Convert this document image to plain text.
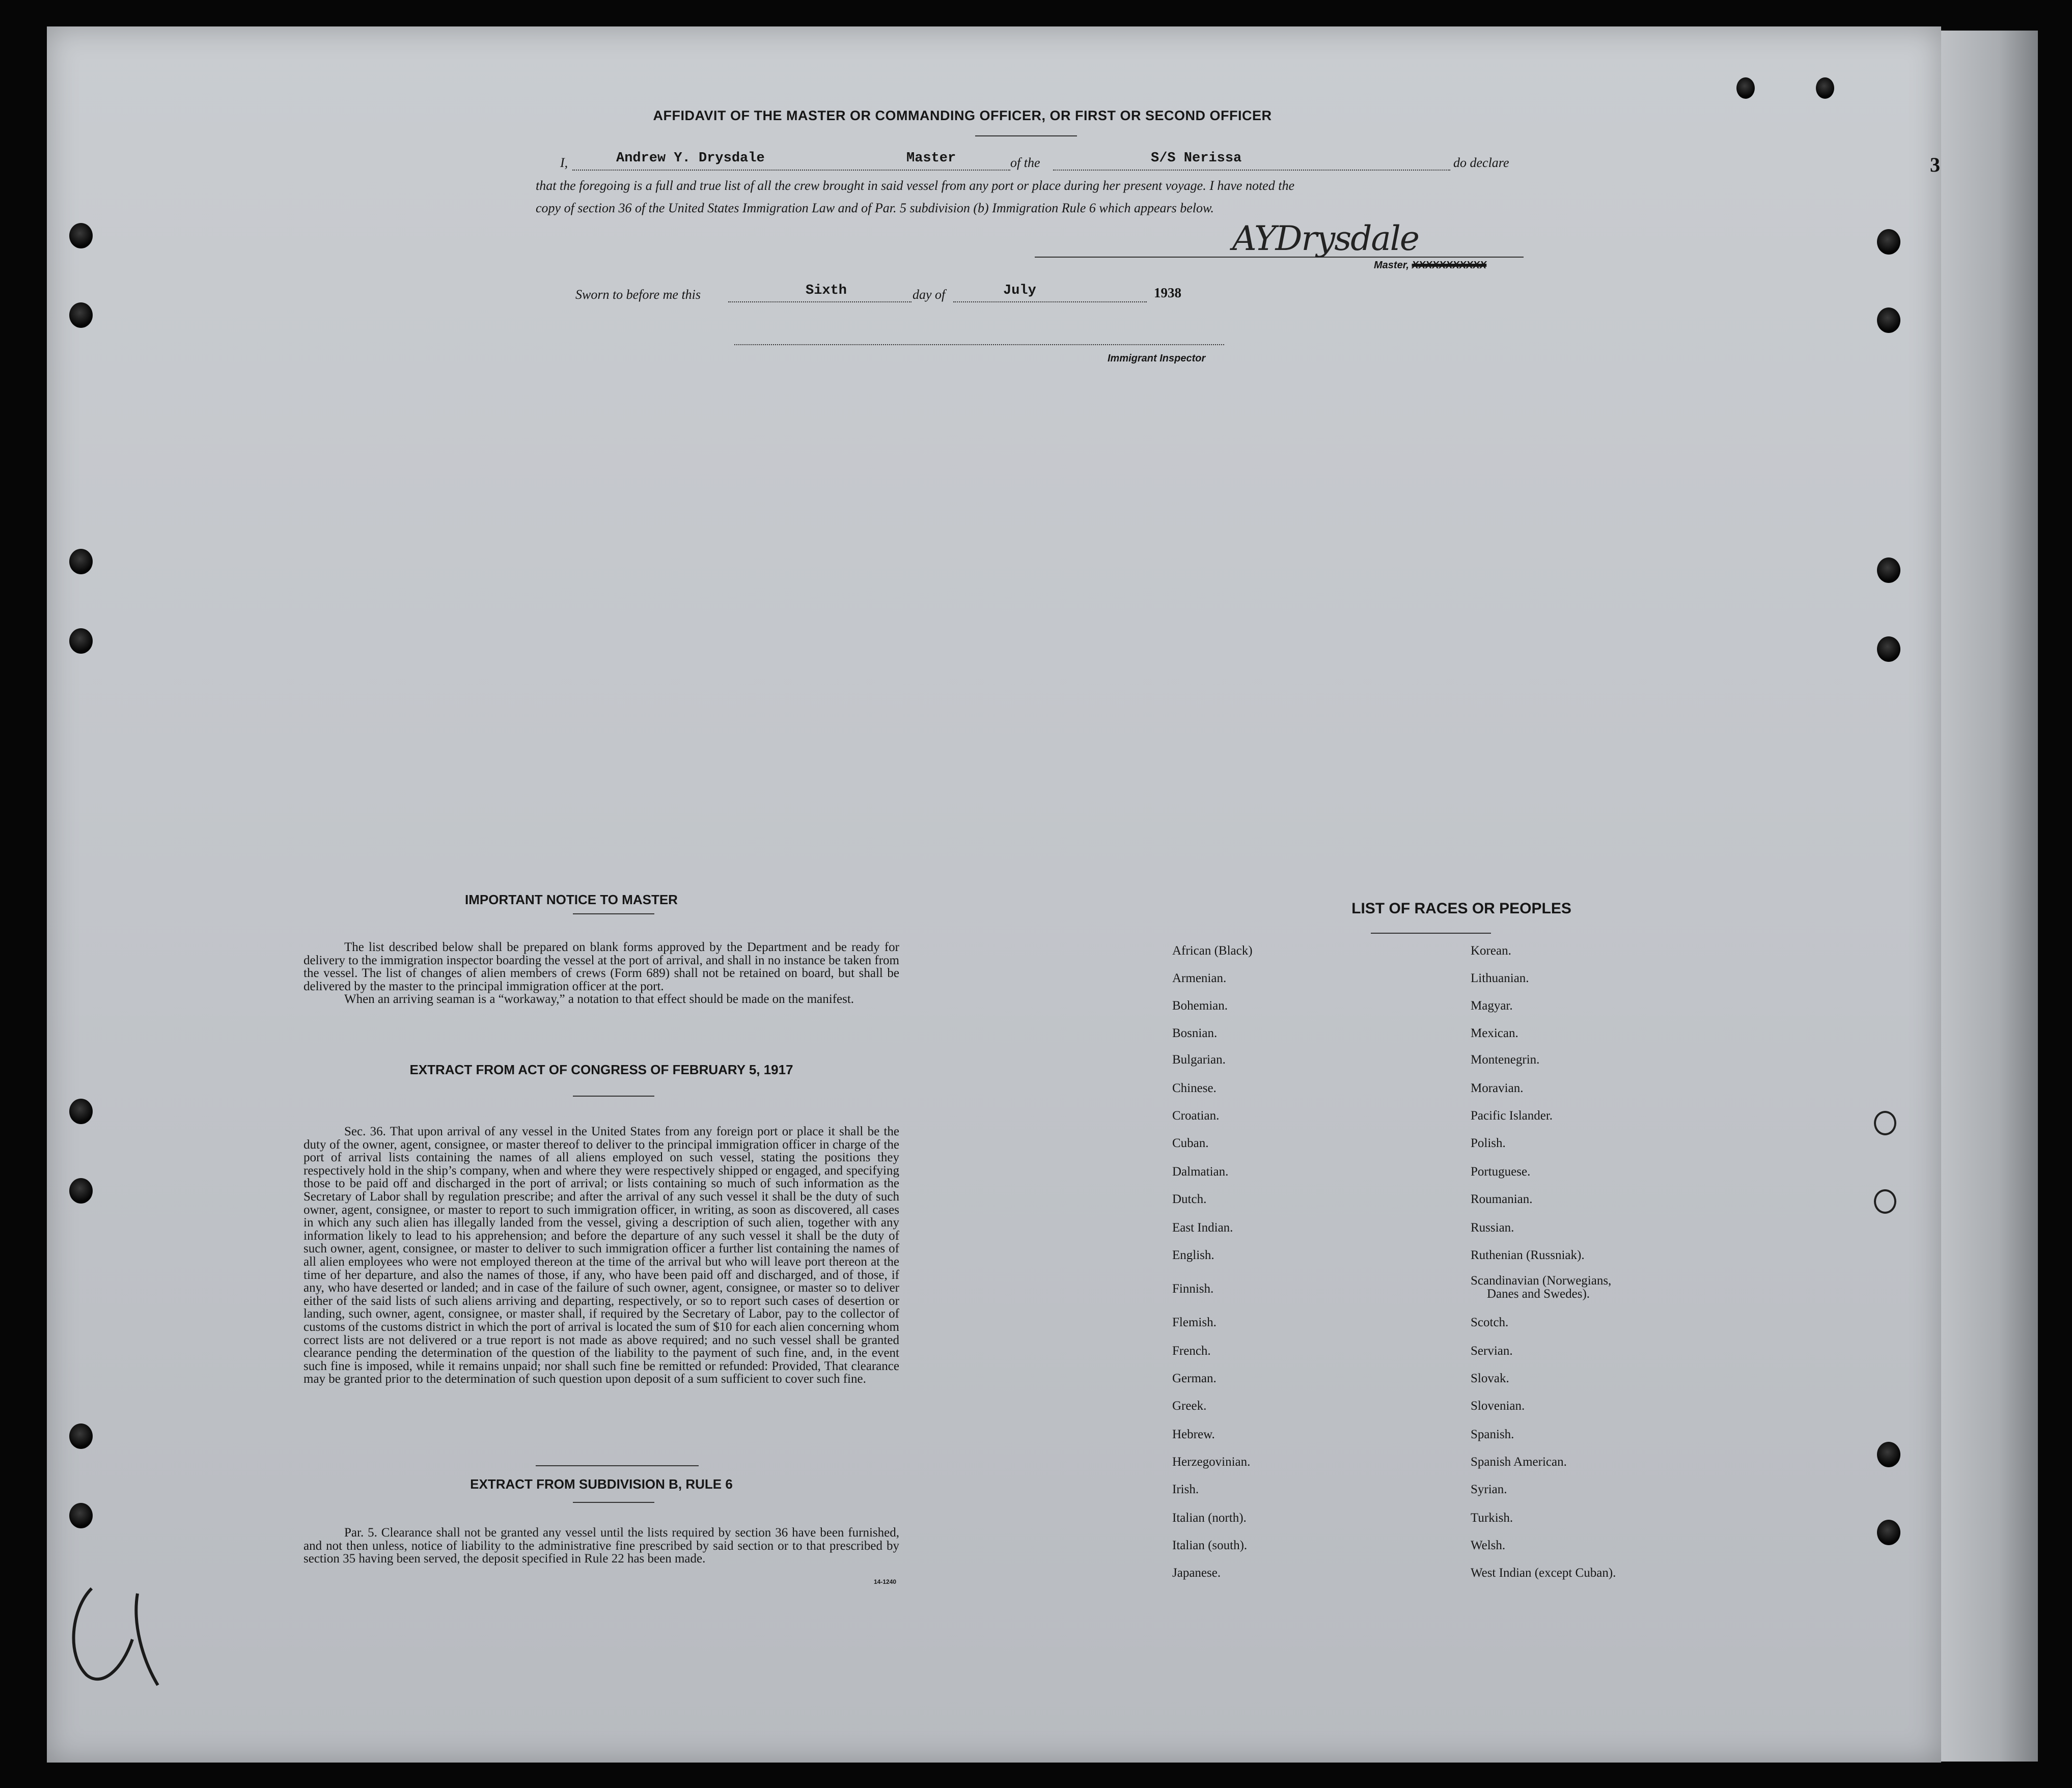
3
AFFIDAVIT OF THE MASTER OR COMMANDING OFFICER, OR FIRST OR SECOND OFFICER
I,	Andrew Y. Drysdale	Master	of the	S/S Nerissa	do declare
that the foregoing is a full and true list of all the crew brought in said vessel from any port or place during her present voyage. I have noted the
copy of section 36 of the United States Immigration Law and of Par. 5 subdivision (b) Immigration Rule 6 which appears below.
AYDrysdale
Master, XXXXXXXXXXX
Sworn to before me this	Sixth	day of	July	1938
Immigrant Inspector
IMPORTANT NOTICE TO MASTER

The list described below shall be prepared on blank forms approved by the Department and be ready for delivery to the immigration inspector boarding the vessel at the port of arrival, and shall in no instance be taken from the vessel. The list of changes of alien members of crews (Form 689) shall not be retained on board, but shall be delivered by the master to the principal immigration officer at the port.

When an arriving seaman is a “workaway,” a notation to that effect should be made on the manifest.

EXTRACT FROM ACT OF CONGRESS OF FEBRUARY 5, 1917

Sec. 36. That upon arrival of any vessel in the United States from any foreign port or place it shall be the duty of the owner, agent, consignee, or master thereof to deliver to the principal immigration officer in charge of the port of arrival lists containing the names of all aliens employed on such vessel, stating the positions they respectively hold in the ship’s company, when and where they were respectively shipped or engaged, and specifying those to be paid off and discharged in the port of arrival; or lists containing so much of such information as the Secretary of Labor shall by regulation prescribe; and after the arrival of any such vessel it shall be the duty of such owner, agent, consignee, or master to report to such immigration officer, in writing, as soon as discovered, all cases in which any such alien has illegally landed from the vessel, giving a description of such alien, together with any information likely to lead to his apprehension; and before the departure of any such vessel it shall be the duty of such owner, agent, consignee, or master to deliver to such immigration officer a further list containing the names of all alien employees who were not employed thereon at the time of the arrival but who will leave port thereon at the time of her departure, and also the names of those, if any, who have been paid off and discharged, and of those, if any, who have deserted or landed; and in case of the failure of such owner, agent, consignee, or master so to deliver either of the said lists of such aliens arriving and departing, respectively, or so to report such cases of desertion or landing, such owner, agent, consignee, or master shall, if required by the Secretary of Labor, pay to the collector of customs of the customs district in which the port of arrival is located the sum of $10 for each alien concerning whom correct lists are not delivered or a true report is not made as above required; and no such vessel shall be granted clearance pending the determination of the question of the liability to the payment of such fine, and, in the event such fine is imposed, while it remains unpaid; nor shall such fine be remitted or refunded: Provided, That clearance may be granted prior to the determination of such question upon deposit of a sum sufficient to cover such fine.

EXTRACT FROM SUBDIVISION B, RULE 6

Par. 5. Clearance shall not be granted any vessel until the lists required by section 36 have been furnished, and not then unless, notice of liability to the administrative fine prescribed by said section or to that prescribed by section 35 having been served, the deposit specified in Rule 22 has been made.

14-1240
LIST OF RACES OR PEOPLES
African (Black)
Armenian.
Bohemian.
Bosnian.
Bulgarian.
Chinese.
Croatian.
Cuban.
Dalmatian.
Dutch.
East Indian.
English.
Finnish.
Flemish.
French.
German.
Greek.
Hebrew.
Herzegovinian.
Irish.
Italian (north).
Italian (south).
Japanese.
Korean.
Lithuanian.
Magyar.
Mexican.
Montenegrin.
Moravian.
Pacific Islander.
Polish.
Portuguese.
Roumanian.
Russian.
Ruthenian (Russniak).
Scandinavian (Norwegians,
Danes and Swedes).
Scotch.
Servian.
Slovak.
Slovenian.
Spanish.
Spanish American.
Syrian.
Turkish.
Welsh.
West Indian (except Cuban).
